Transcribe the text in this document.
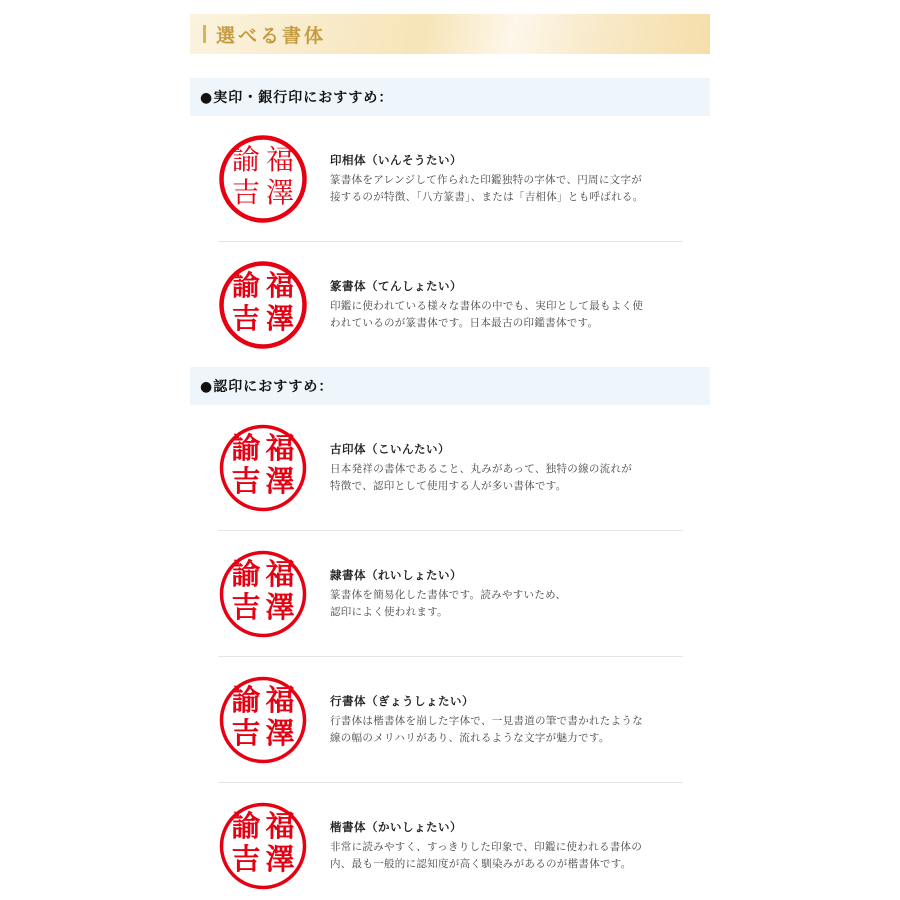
選べる書体
●実印・銀行印におすすめ：
福
澤
諭
吉
印相体（いんそうたい）
篆書体をアレンジして作られた印鑑独特の字体で、円周に文字が
接するのが特徴、「八方篆書」、または「吉相体」とも呼ばれる。
福
澤
諭
吉
篆書体（てんしょたい）
印鑑に使われている様々な書体の中でも、実印として最もよく使
われているのが篆書体です。日本最古の印鑑書体です。
●認印におすすめ：
福
澤
諭
吉
古印体（こいんたい）
日本発祥の書体であること、丸みがあって、独特の線の流れが
特徴で、認印として使用する人が多い書体です。
福
澤
諭
吉
隷書体（れいしょたい）
篆書体を簡易化した書体です。読みやすいため、
認印によく使われます。
福
澤
諭
吉
行書体（ぎょうしょたい）
行書体は楷書体を崩した字体で、一見書道の筆で書かれたような
線の幅のメリハリがあり、流れるような文字が魅力です。
福
澤
諭
吉
楷書体（かいしょたい）
非常に読みやすく、すっきりした印象で、印鑑に使われる書体の
内、最も一般的に認知度が高く馴染みがあるのが楷書体です。
